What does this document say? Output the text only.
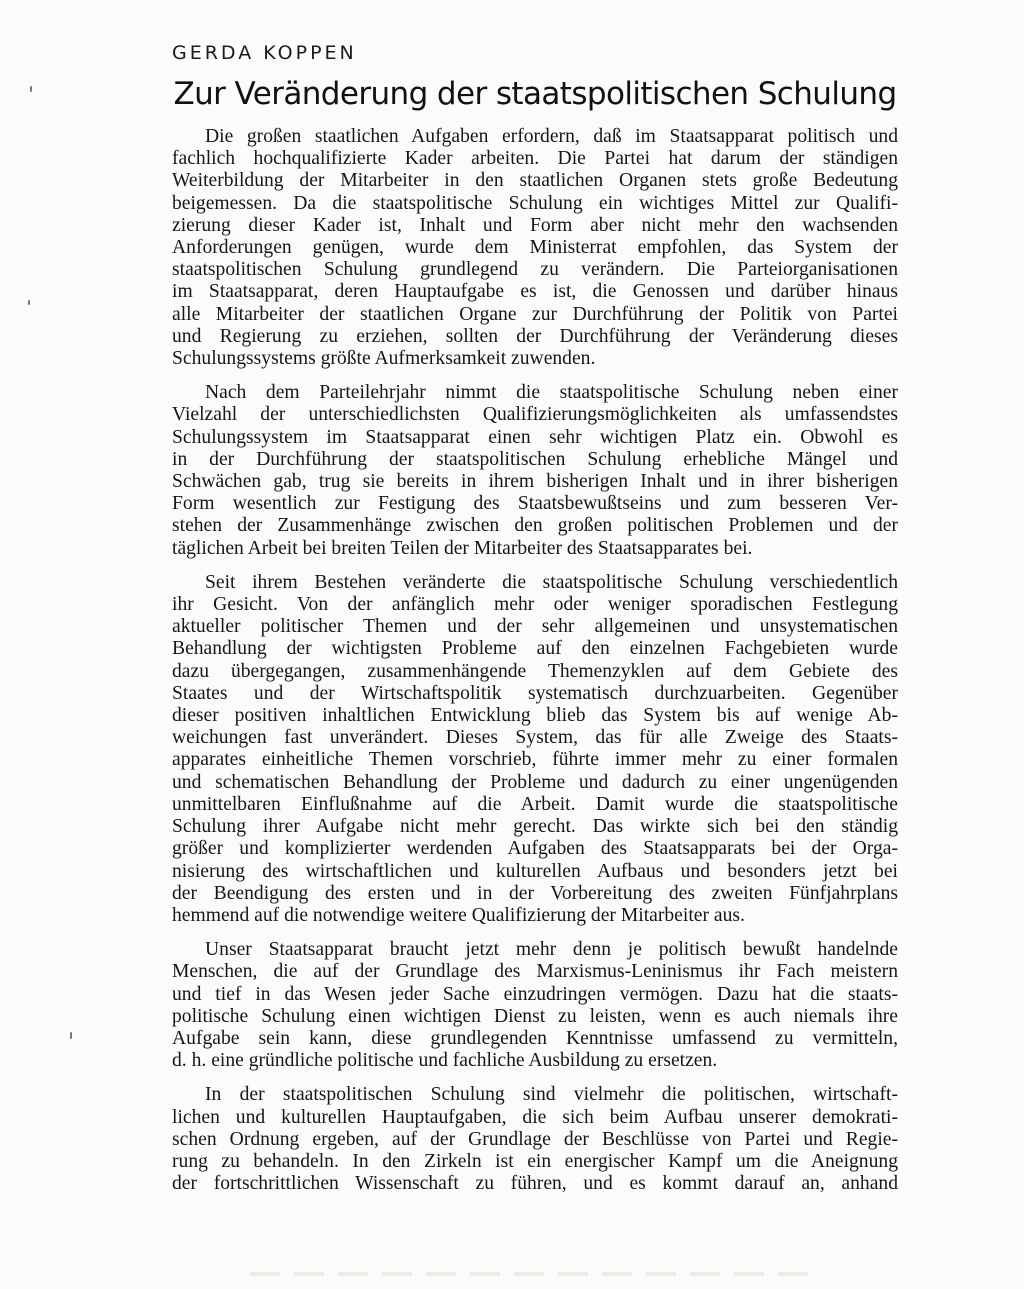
GERDA KOPPEN
Zur Veränderung der staatspolitischen Schulung

Die großen staatlichen Aufgaben erfordern, daß im Staatsapparat politisch und
fachlich hochqualifizierte Kader arbeiten. Die Partei hat darum der ständigen
Weiterbildung der Mitarbeiter in den staatlichen Organen stets große Bedeutung
beigemessen. Da die staatspolitische Schulung ein wichtiges Mittel zur Qualifi-
zierung dieser Kader ist, Inhalt und Form aber nicht mehr den wachsenden
Anforderungen genügen, wurde dem Ministerrat empfohlen, das System der
staatspolitischen Schulung grundlegend zu verändern. Die Parteiorganisationen
im Staatsapparat, deren Hauptaufgabe es ist, die Genossen und darüber hinaus
alle Mitarbeiter der staatlichen Organe zur Durchführung der Politik von Partei
und Regierung zu erziehen, sollten der Durchführung der Veränderung dieses
Schulungssystems größte Aufmerksamkeit zuwenden.

Nach dem Parteilehrjahr nimmt die staatspolitische Schulung neben einer
Vielzahl der unterschiedlichsten Qualifizierungsmöglichkeiten als umfassendstes
Schulungssystem im Staatsapparat einen sehr wichtigen Platz ein. Obwohl es
in der Durchführung der staatspolitischen Schulung erhebliche Mängel und
Schwächen gab, trug sie bereits in ihrem bisherigen Inhalt und in ihrer bisherigen
Form wesentlich zur Festigung des Staatsbewußtseins und zum besseren Ver-
stehen der Zusammenhänge zwischen den großen politischen Problemen und der
täglichen Arbeit bei breiten Teilen der Mitarbeiter des Staatsapparates bei.

Seit ihrem Bestehen veränderte die staatspolitische Schulung verschiedentlich
ihr Gesicht. Von der anfänglich mehr oder weniger sporadischen Festlegung
aktueller politischer Themen und der sehr allgemeinen und unsystematischen
Behandlung der wichtigsten Probleme auf den einzelnen Fachgebieten wurde
dazu übergegangen, zusammenhängende Themenzyklen auf dem Gebiete des
Staates und der Wirtschaftspolitik systematisch durchzuarbeiten. Gegenüber
dieser positiven inhaltlichen Entwicklung blieb das System bis auf wenige Ab-
weichungen fast unverändert. Dieses System, das für alle Zweige des Staats-
apparates einheitliche Themen vorschrieb, führte immer mehr zu einer formalen
und schematischen Behandlung der Probleme und dadurch zu einer ungenügenden
unmittelbaren Einflußnahme auf die Arbeit. Damit wurde die staatspolitische
Schulung ihrer Aufgabe nicht mehr gerecht. Das wirkte sich bei den ständig
größer und komplizierter werdenden Aufgaben des Staatsapparats bei der Orga-
nisierung des wirtschaftlichen und kulturellen Aufbaus und besonders jetzt bei
der Beendigung des ersten und in der Vorbereitung des zweiten Fünfjahrplans
hemmend auf die notwendige weitere Qualifizierung der Mitarbeiter aus.

Unser Staatsapparat braucht jetzt mehr denn je politisch bewußt handelnde
Menschen, die auf der Grundlage des Marxismus-Leninismus ihr Fach meistern
und tief in das Wesen jeder Sache einzudringen vermögen. Dazu hat die staats-
politische Schulung einen wichtigen Dienst zu leisten, wenn es auch niemals ihre
Aufgabe sein kann, diese grundlegenden Kenntnisse umfassend zu vermitteln,
d. h. eine gründliche politische und fachliche Ausbildung zu ersetzen.

In der staatspolitischen Schulung sind vielmehr die politischen, wirtschaft-
lichen und kulturellen Hauptaufgaben, die sich beim Aufbau unserer demokrati-
schen Ordnung ergeben, auf der Grundlage der Beschlüsse von Partei und Regie-
rung zu behandeln. In den Zirkeln ist ein energischer Kampf um die Aneignung
der fortschrittlichen Wissenschaft zu führen, und es kommt darauf an, anhand
